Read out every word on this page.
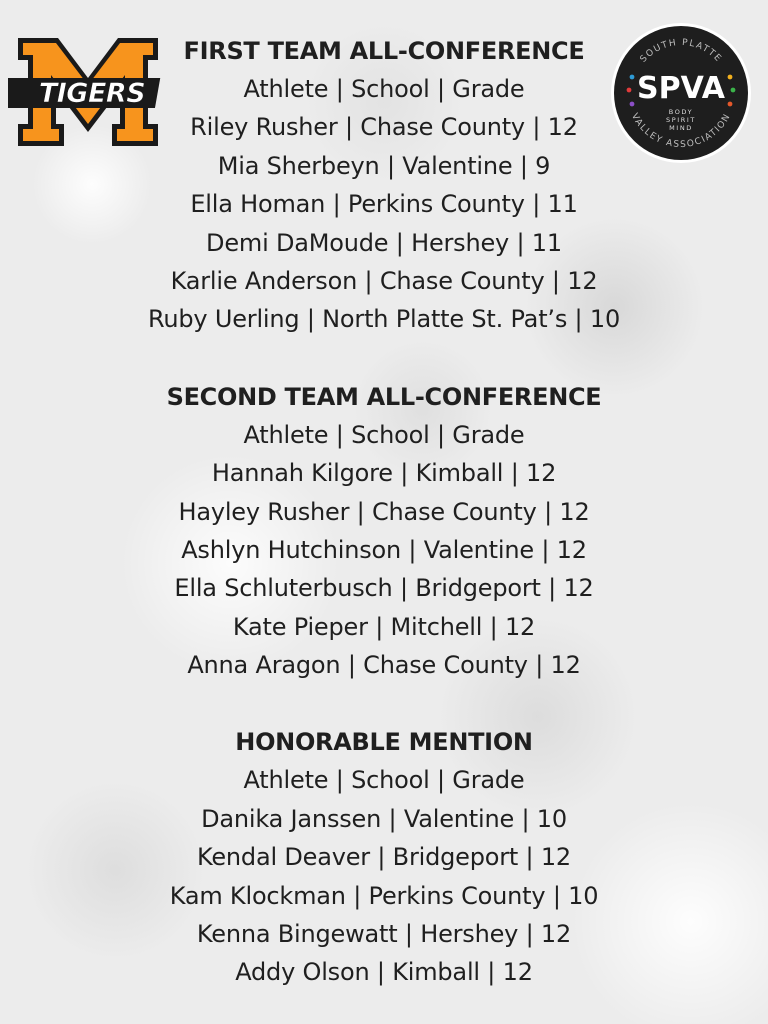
TIGERS
SOUTH PLATTE
VALLEY ASSOCIATION
SPVA
BODY
SPIRIT
MIND
FIRST TEAM ALL-CONFERENCE
Athlete | School | Grade
Riley Rusher | Chase County | 12
Mia Sherbeyn | Valentine | 9
Ella Homan | Perkins County | 11
Demi DaMoude | Hershey | 11
Karlie Anderson | Chase County | 12
Ruby Uerling | North Platte St. Pat’s | 10
SECOND TEAM ALL-CONFERENCE
Athlete | School | Grade
Hannah Kilgore | Kimball | 12
Hayley Rusher | Chase County | 12
Ashlyn Hutchinson | Valentine | 12
Ella Schluterbusch | Bridgeport | 12
Kate Pieper | Mitchell | 12
Anna Aragon | Chase County | 12
HONORABLE MENTION
Athlete | School | Grade
Danika Janssen | Valentine | 10
Kendal Deaver | Bridgeport | 12
Kam Klockman | Perkins County | 10
Kenna Bingewatt | Hershey | 12
Addy Olson | Kimball | 12
